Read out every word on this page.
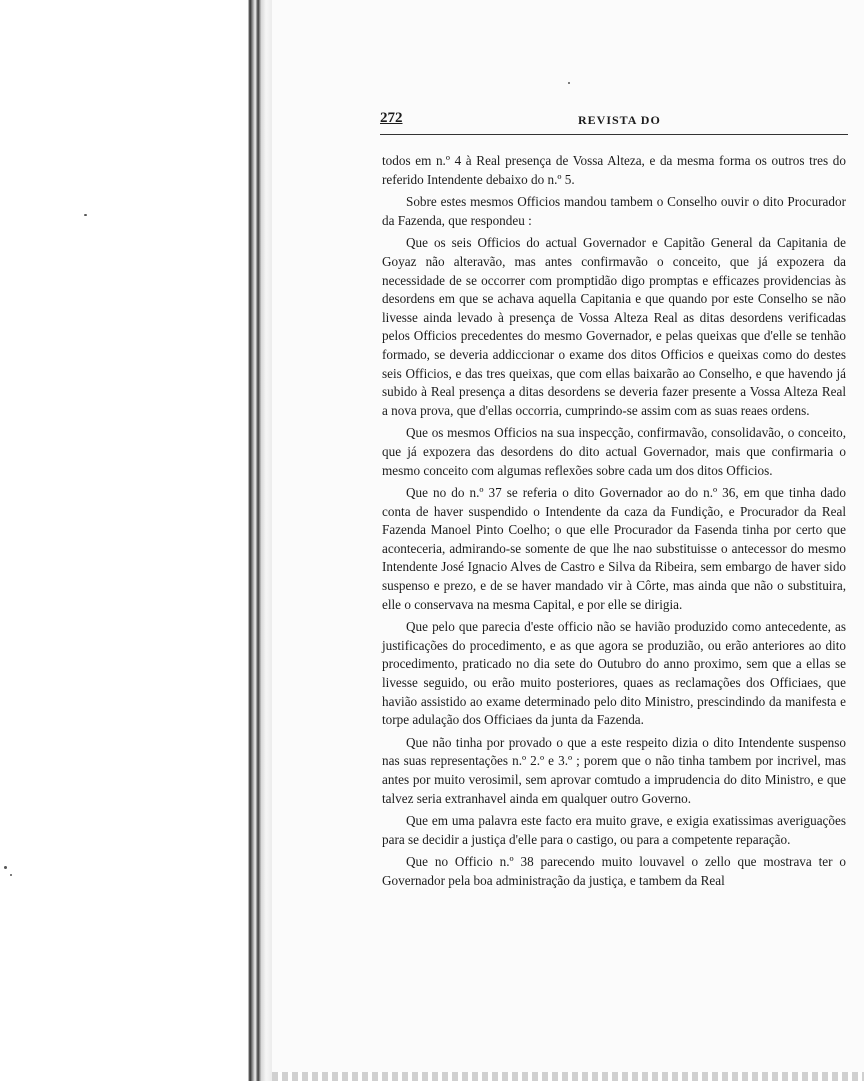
272	REVISTA DO

todos em n.º 4 à Real presença de Vossa Alteza, e da mesma forma os outros tres do referido Intendente debaixo do n.º 5.

Sobre estes mesmos Officios mandou tambem o Conselho ouvir o dito Procurador da Fazenda, que respondeu :

Que os seis Officios do actual Governador e Capitão General da Capitania de Goyaz não alteravão, mas antes confirmavão o conceito, que já expozera da necessidade de se occorrer com promptidão digo promptas e efficazes providencias às desordens em que se achava aquella Capitania e que quando por este Conselho se não livesse ainda levado à presença de Vossa Alteza Real as ditas desordens verificadas pelos Officios precedentes do mesmo Governador, e pelas queixas que d'elle se tenhão formado, se deveria addiccionar o exame dos ditos Officios e queixas como do destes seis Officios, e das tres queixas, que com ellas baixarão ao Conselho, e que havendo já subido à Real presença a ditas desordens se deveria fazer presente a Vossa Alteza Real a nova prova, que d'ellas occorria, cumprindo-se assim com as suas reaes ordens.

Que os mesmos Officios na sua inspecção, confirmavão, consolidavão, o conceito, que já expozera das desordens do dito actual Governador, mais que confirmaria o mesmo conceito com algumas reflexões sobre cada um dos ditos Officios.

Que no do n.º 37 se referia o dito Governador ao do n.º 36, em que tinha dado conta de haver suspendido o Intendente da caza da Fundição, e Procurador da Real Fazenda Manoel Pinto Coelho; o que elle Procurador da Fasenda tinha por certo que aconteceria, admirando-se somente de que lhe nao substituisse o antecessor do mesmo Intendente José Ignacio Alves de Castro e Silva da Ribeira, sem embargo de haver sido suspenso e prezo, e de se haver mandado vir à Côrte, mas ainda que não o substituira, elle o conservava na mesma Capital, e por elle se dirigia.

Que pelo que parecia d'este officio não se havião produzido como antecedente, as justificações do procedimento, e as que agora se produzião, ou erão anteriores ao dito procedimento, praticado no dia sete do Outubro do anno proximo, sem que a ellas se livesse seguido, ou erão muito posteriores, quaes as reclamações dos Officiaes, que havião assistido ao exame determinado pelo dito Ministro, prescindindo da manifesta e torpe adulação dos Officiaes da junta da Fazenda.

Que não tinha por provado o que a este respeito dizia o dito Intendente suspenso nas suas representações n.º 2.º e 3.º ; porem que o não tinha tambem por incrivel, mas antes por muito verosimil, sem aprovar comtudo a imprudencia do dito Ministro, e que talvez seria extranhavel ainda em qualquer outro Governo.

Que em uma palavra este facto era muito grave, e exigia exatissimas averiguações para se decidir a justiça d'elle para o castigo, ou para a competente reparação.

Que no Officio n.º 38 parecendo muito louvavel o zello que mostrava ter o Governador pela boa administração da justiça, e tambem da Real
